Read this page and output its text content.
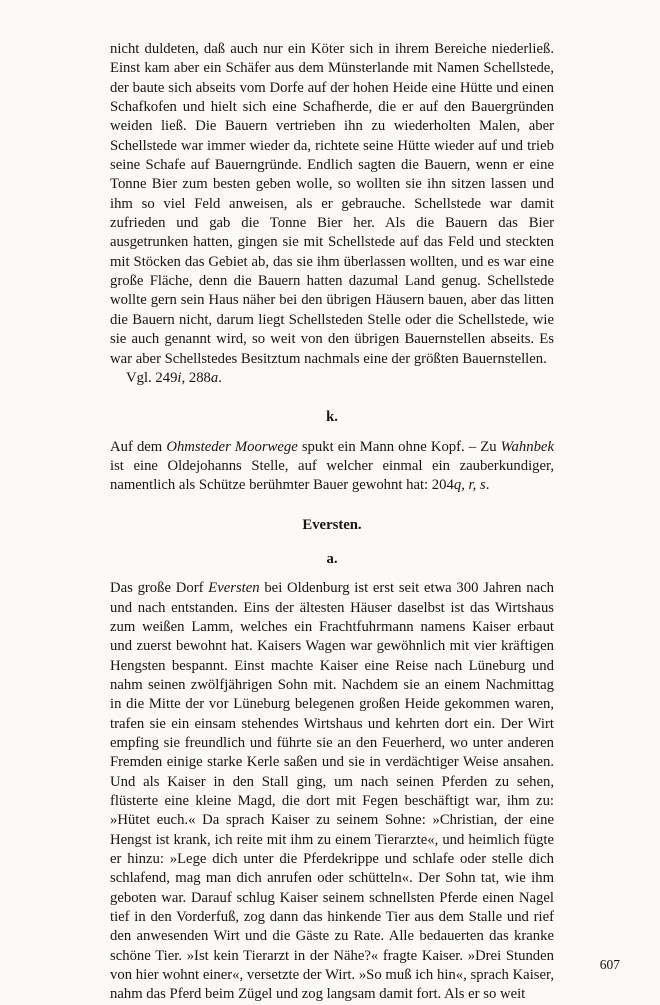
nicht duldeten, daß auch nur ein Köter sich in ihrem Bereiche niederließ. Einst kam aber ein Schäfer aus dem Münsterlande mit Namen Schellstede, der baute sich abseits vom Dorfe auf der hohen Heide eine Hütte und einen Schafkofen und hielt sich eine Schafherde, die er auf den Bauergründen weiden ließ. Die Bauern vertrieben ihn zu wiederholten Malen, aber Schellstede war immer wieder da, richtete seine Hütte wieder auf und trieb seine Schafe auf Bauerngründe. Endlich sagten die Bauern, wenn er eine Tonne Bier zum besten geben wolle, so wollten sie ihn sitzen lassen und ihm so viel Feld anweisen, als er gebrauche. Schellstede war damit zufrieden und gab die Tonne Bier her. Als die Bauern das Bier ausgetrunken hatten, gingen sie mit Schellstede auf das Feld und steckten mit Stöcken das Gebiet ab, das sie ihm überlassen wollten, und es war eine große Fläche, denn die Bauern hatten dazumal Land genug. Schellstede wollte gern sein Haus näher bei den übrigen Häusern bauen, aber das litten die Bauern nicht, darum liegt Schellsteden Stelle oder die Schellstede, wie sie auch genannt wird, so weit von den übrigen Bauernstellen abseits. Es war aber Schellstedes Besitztum nachmals eine der größten Bauernstellen.

Vgl. 249i, 288a.

k.

Auf dem Ohmsteder Moorwege spukt ein Mann ohne Kopf. – Zu Wahnbek ist eine Oldejohanns Stelle, auf welcher einmal ein zauberkundiger, namentlich als Schütze berühmter Bauer gewohnt hat: 204q, r, s.

Eversten.
a.

Das große Dorf Eversten bei Oldenburg ist erst seit etwa 300 Jahren nach und nach entstanden. Eins der ältesten Häuser daselbst ist das Wirtshaus zum weißen Lamm, welches ein Frachtfuhrmann namens Kaiser erbaut und zuerst bewohnt hat. Kaisers Wagen war gewöhnlich mit vier kräftigen Hengsten bespannt. Einst machte Kaiser eine Reise nach Lüneburg und nahm seinen zwölfjährigen Sohn mit. Nachdem sie an einem Nachmittag in die Mitte der vor Lüneburg belegenen großen Heide gekommen waren, trafen sie ein einsam stehendes Wirtshaus und kehrten dort ein. Der Wirt empfing sie freundlich und führte sie an den Feuerherd, wo unter anderen Fremden einige starke Kerle saßen und sie in verdächtiger Weise ansahen. Und als Kaiser in den Stall ging, um nach seinen Pferden zu sehen, flüsterte eine kleine Magd, die dort mit Fegen beschäftigt war, ihm zu: »Hütet euch.« Da sprach Kaiser zu seinem Sohne: »Christian, der eine Hengst ist krank, ich reite mit ihm zu einem Tierarzte«, und heimlich fügte er hinzu: »Lege dich unter die Pferdekrippe und schlafe oder stelle dich schlafend, mag man dich anrufen oder schütteln«. Der Sohn tat, wie ihm geboten war. Darauf schlug Kaiser seinem schnellsten Pferde einen Nagel tief in den Vorderfuß, zog dann das hinkende Tier aus dem Stalle und rief den anwesenden Wirt und die Gäste zu Rate. Alle bedauerten das kranke schöne Tier. »Ist kein Tierarzt in der Nähe?« fragte Kaiser. »Drei Stunden von hier wohnt einer«, versetzte der Wirt. »So muß ich hin«, sprach Kaiser, nahm das Pferd beim Zügel und zog langsam damit fort. Als er so weit

607
